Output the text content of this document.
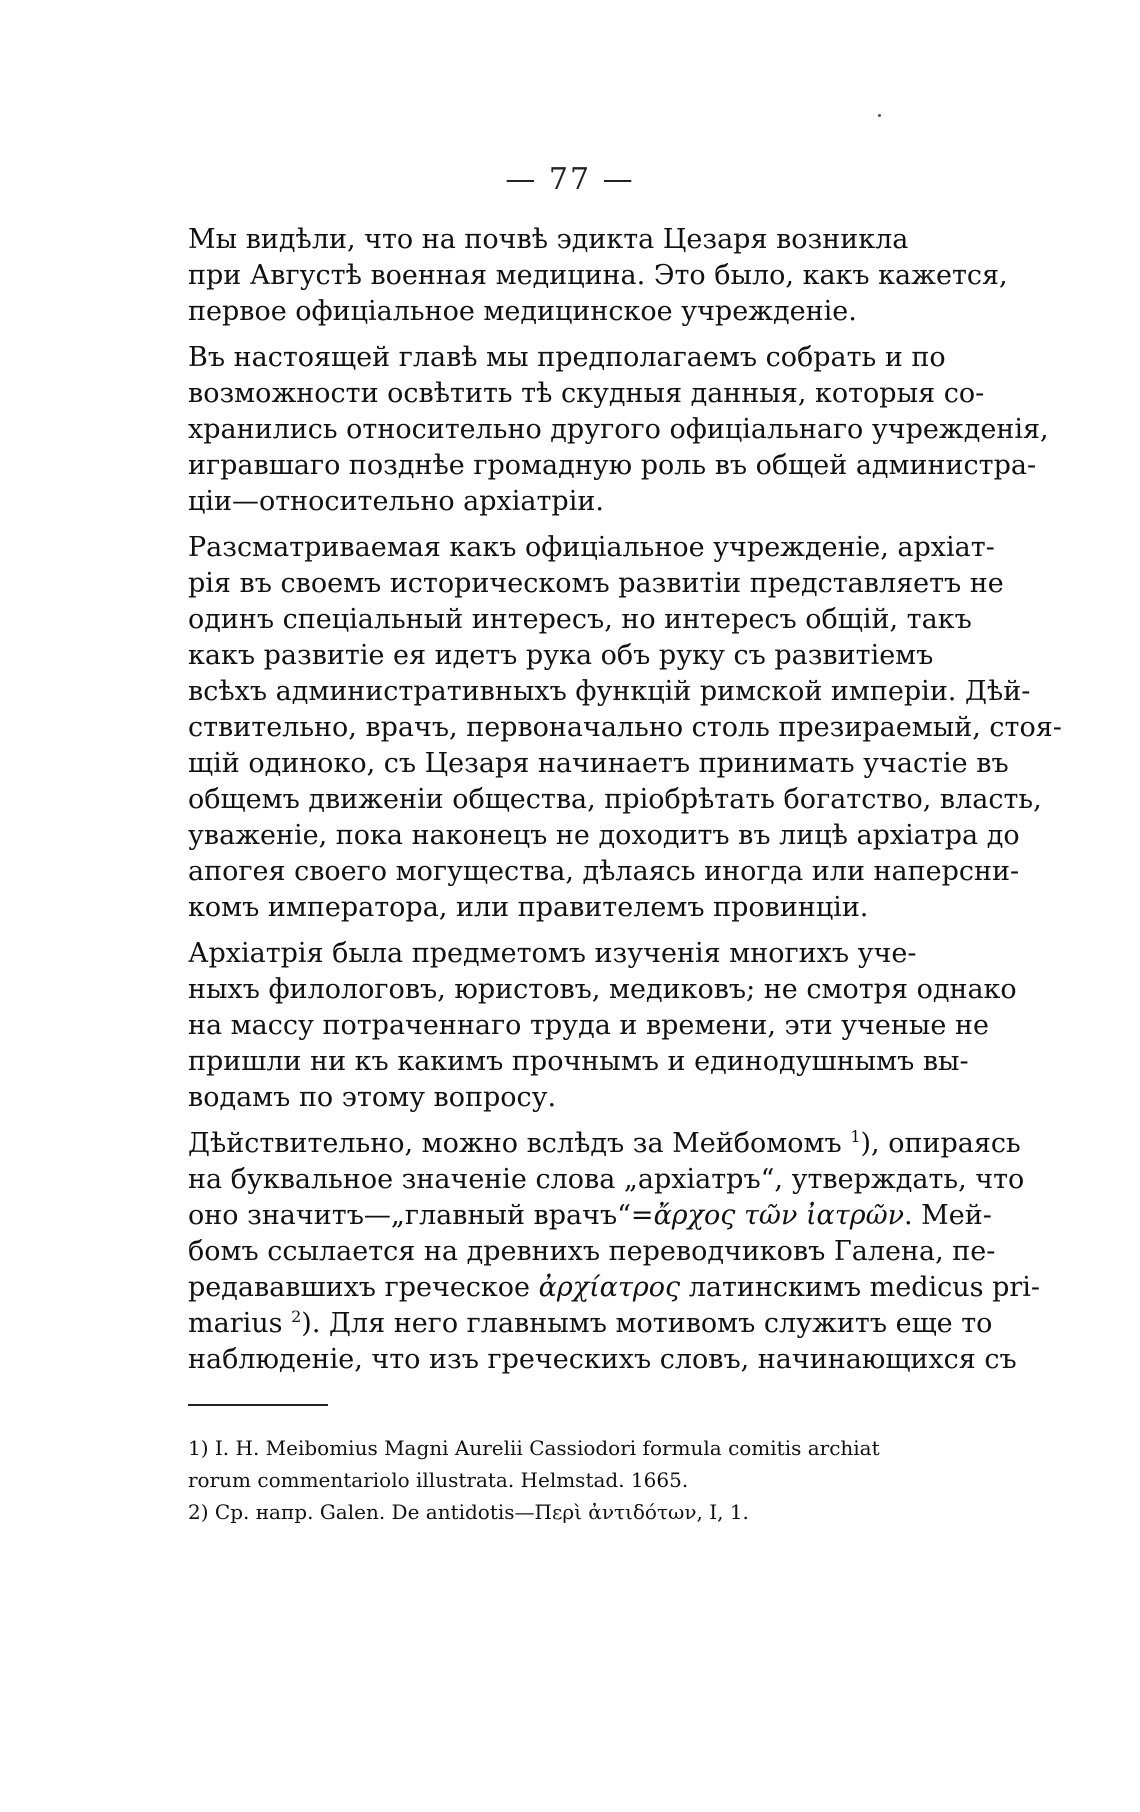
— 77 —
Мы видѣли, что на почвѣ эдикта Цезаря возникла
при Августѣ военная медицина. Это было, какъ кажется,
первое офиціальное медицинское учрежденіе.
Въ настоящей главѣ мы предполагаемъ собрать и по
возможности освѣтить тѣ скудныя данныя, которыя со-
хранились относительно другого офиціальнаго учрежденія,
игравшаго позднѣе громадную роль въ общей администра-
ціи—относительно архіатріи.
Разсматриваемая какъ офиціальное учрежденіе, архіат-
рія въ своемъ историческомъ развитіи представляетъ не
одинъ спеціальный интересъ, но интересъ общій, такъ
какъ развитіе ея идетъ рука объ руку съ развитіемъ
всѣхъ административныхъ функцій римской имперіи. Дѣй-
ствительно, врачъ, первоначально столь презираемый, стоя-
щій одиноко, съ Цезаря начинаетъ принимать участіе въ
общемъ движеніи общества, пріобрѣтать богатство, власть,
уваженіе, пока наконецъ не доходитъ въ лицѣ архіатра до
апогея своего могущества, дѣлаясь иногда или наперсни-
комъ императора, или правителемъ провинціи.
Архіатрія была предметомъ изученія многихъ уче-
ныхъ филологовъ, юристовъ, медиковъ; не смотря однако
на массу потраченнаго труда и времени, эти ученые не
пришли ни къ какимъ прочнымъ и единодушнымъ вы-
водамъ по этому вопросу.
Дѣйствительно, можно вслѣдъ за Мейбомомъ $^1$), опираясь
на буквальное значеніе слова „архіатръ“, утверждать, что
оно значитъ—„главный врачъ“=ἄρχος τῶν ἰατρῶν. Мей-
бомъ ссылается на древнихъ переводчиковъ Галена, пе-
редававшихъ греческое ἀρχίατρος латинскимъ medicus pri-
marius $^2$). Для него главнымъ мотивомъ служитъ еще то
наблюденіе, что изъ греческихъ словъ, начинающихся съ
1) I. H. Meibomius Magni Aurelii Cassiodori formula comitis archiat
rorum commentariolo illustrata. Helmstad. 1665.
2) Ср. напр. Galen. De antidotis—Περὶ ἀντιδότων, I, 1.
